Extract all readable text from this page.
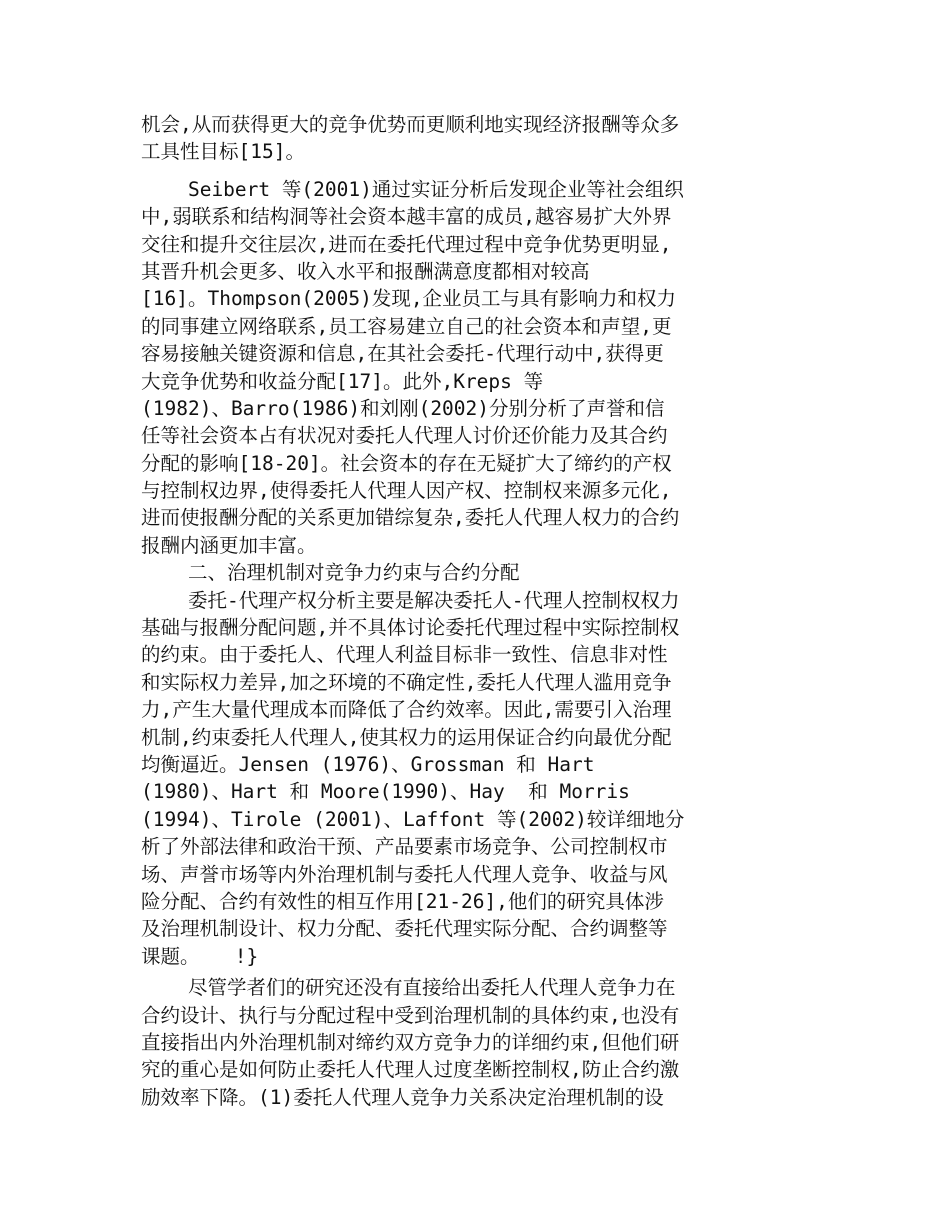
机会,从而获得更大的竞争优势而更顺利地实现经济报酬等众多
工具性目标[15]。
Seibert 等(2001)通过实证分析后发现企业等社会组织
中,弱联系和结构洞等社会资本越丰富的成员,越容易扩大外界
交往和提升交往层次,进而在委托代理过程中竞争优势更明显,
其晋升机会更多、收入水平和报酬满意度都相对较高
[16]。Thompson(2005)发现,企业员工与具有影响力和权力
的同事建立网络联系,员工容易建立自己的社会资本和声望,更
容易接触关键资源和信息,在其社会委托-代理行动中,获得更
大竞争优势和收益分配[17]。此外,Kreps 等
(1982)、Barro(1986)和刘刚(2002)分别分析了声誉和信
任等社会资本占有状况对委托人代理人讨价还价能力及其合约
分配的影响[18-20]。社会资本的存在无疑扩大了缔约的产权
与控制权边界,使得委托人代理人因产权、控制权来源多元化,
进而使报酬分配的关系更加错综复杂,委托人代理人权力的合约
报酬内涵更加丰富。
二、治理机制对竞争力约束与合约分配
委托-代理产权分析主要是解决委托人-代理人控制权权力
基础与报酬分配问题,并不具体讨论委托代理过程中实际控制权
的约束。由于委托人、代理人利益目标非一致性、信息非对性
和实际权力差异,加之环境的不确定性,委托人代理人滥用竞争
力,产生大量代理成本而降低了合约效率。因此,需要引入治理
机制,约束委托人代理人,使其权力的运用保证合约向最优分配
均衡逼近。Jensen (1976)、Grossman 和 Hart
(1980)、Hart 和 Moore(1990)、Hay  和 Morris
(1994)、Tirole (2001)、Laffont 等(2002)较详细地分
析了外部法律和政治干预、产品要素市场竞争、公司控制权市
场、声誉市场等内外治理机制与委托人代理人竞争、收益与风
险分配、合约有效性的相互作用[21-26],他们的研究具体涉
及治理机制设计、权力分配、委托代理实际分配、合约调整等
课题。   !}
尽管学者们的研究还没有直接给出委托人代理人竞争力在
合约设计、执行与分配过程中受到治理机制的具体约束,也没有
直接指出内外治理机制对缔约双方竞争力的详细约束,但他们研
究的重心是如何防止委托人代理人过度垄断控制权,防止合约激
励效率下降。(1)委托人代理人竞争力关系决定治理机制的设
